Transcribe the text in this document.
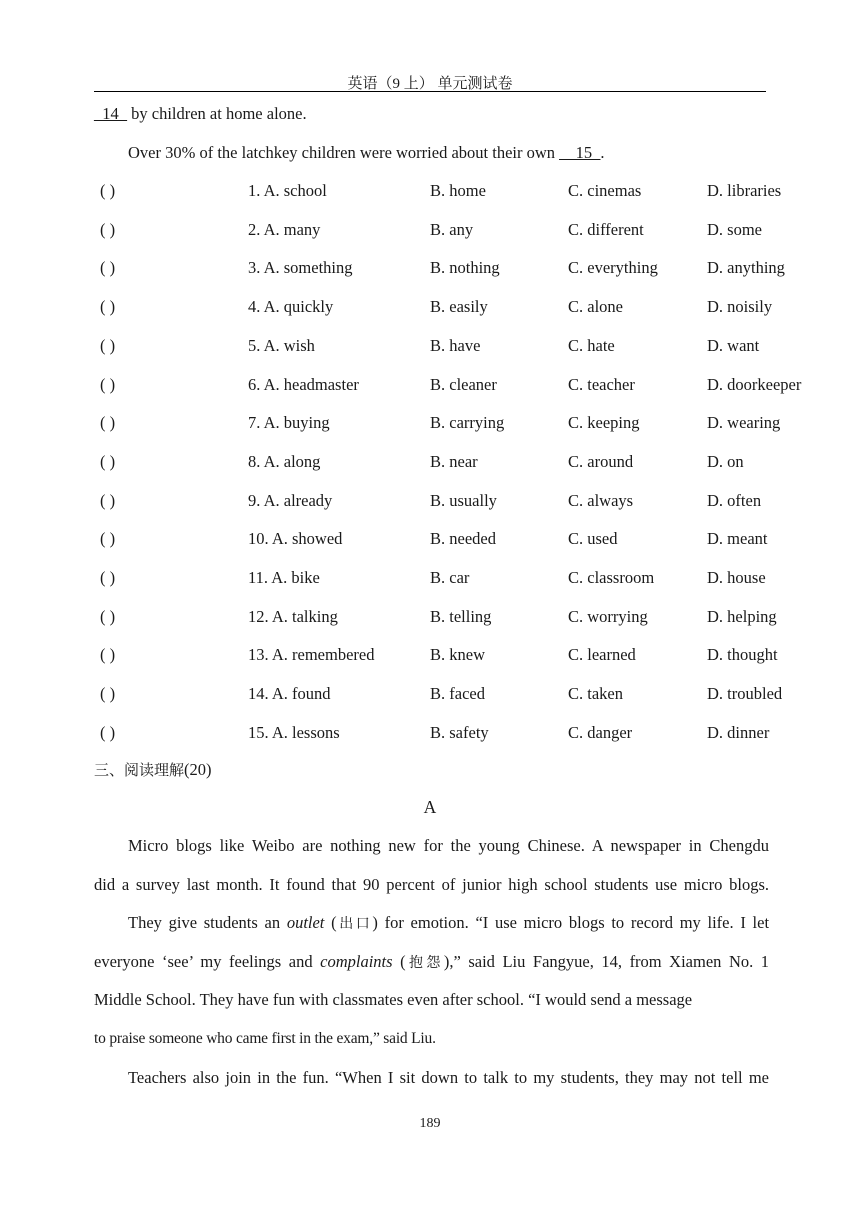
英语（9 上） 单元测试卷
_14_ by children at home alone.
Over 30% of the latchkey children were worried about their own __15_.
( )	1. A. school	B. home	C. cinemas	D. libraries
( )	2. A. many	B. any	C. different	D. some
( )	3. A. something	B. nothing	C. everything	D. anything
( )	4. A. quickly	B. easily	C. alone	D. noisily
( )	5. A. wish	B. have	C. hate	D. want
( )	6. A. headmaster	B. cleaner	C. teacher	D. doorkeeper
( )	7. A. buying	B. carrying	C. keeping	D. wearing
( )	8. A. along	B. near	C. around	D. on
( )	9. A. already	B. usually	C. always	D. often
( )	10. A. showed	B. needed	C. used	D. meant
( )	11. A. bike	B. car	C. classroom	D. house
( )	12. A. talking	B. telling	C. worrying	D. helping
( )	13. A. remembered	B. knew	C. learned	D. thought
( )	14. A. found	B. faced	C. taken	D. troubled
( )	15. A. lessons	B. safety	C. danger	D. dinner
三、阅读理解(20)
A
Micro blogs like Weibo are nothing new for the young Chinese. A newspaper in Chengdu
did a survey last month. It found that 90 percent of junior high school students use micro blogs.
They give students an outlet (出口) for emotion. “I use micro blogs to record my life. I let
everyone ‘see’ my feelings and complaints (抱怨),” said Liu Fangyue, 14, from Xiamen No. 1
Middle School. They have fun with classmates even after school. “I would send a message
to praise someone who came first in the exam,” said Liu.
Teachers also join in the fun. “When I sit down to talk to my students, they may not tell me
189
